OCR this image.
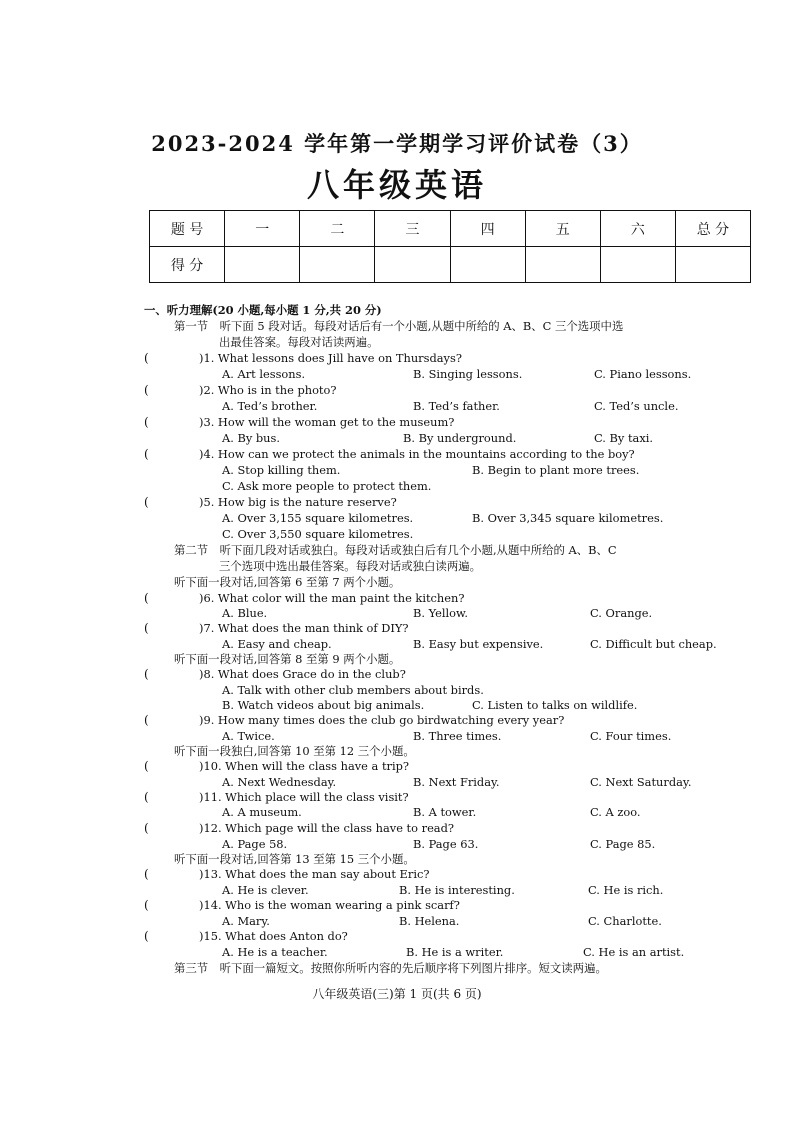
2023-2024 学年第一学期学习评价试卷（3）
八年级英语
题 号	一	二	三	四	五	六	总 分
得 分							
一、听力理解(20 小题,每小题 1 分,共 20 分)
第一节　听下面 5 段对话。每段对话后有一个小题,从题中所给的 A、B、C 三个选项中选
出最佳答案。每段对话读两遍。
(	)1. What lessons does Jill have on Thursdays?
A. Art lessons.	B. Singing lessons.	C. Piano lessons.
(	)2. Who is in the photo?
A. Ted’s brother.	B. Ted’s father.	C. Ted’s uncle.
(	)3. How will the woman get to the museum?
A. By bus.	B. By underground.	C. By taxi.
(	)4. How can we protect the animals in the mountains according to the boy?
A. Stop killing them.	B. Begin to plant more trees.
C. Ask more people to protect them.
(	)5. How big is the nature reserve?
A. Over 3,155 square kilometres.	B. Over 3,345 square kilometres.
C. Over 3,550 square kilometres.
第二节　听下面几段对话或独白。每段对话或独白后有几个小题,从题中所给的 A、B、C
三个选项中选出最佳答案。每段对话或独白读两遍。
听下面一段对话,回答第 6 至第 7 两个小题。
(	)6. What color will the man paint the kitchen?
A. Blue.	B. Yellow.	C. Orange.
(	)7. What does the man think of DIY?
A. Easy and cheap.	B. Easy but expensive.	C. Difficult but cheap.
听下面一段对话,回答第 8 至第 9 两个小题。
(	)8. What does Grace do in the club?
A. Talk with other club members about birds.
B. Watch videos about big animals.	C. Listen to talks on wildlife.
(	)9. How many times does the club go birdwatching every year?
A. Twice.	B. Three times.	C. Four times.
听下面一段独白,回答第 10 至第 12 三个小题。
(	)10. When will the class have a trip?
A. Next Wednesday.	B. Next Friday.	C. Next Saturday.
(	)11. Which place will the class visit?
A. A museum.	B. A tower.	C. A zoo.
(	)12. Which page will the class have to read?
A. Page 58.	B. Page 63.	C. Page 85.
听下面一段对话,回答第 13 至第 15 三个小题。
(	)13. What does the man say about Eric?
A. He is clever.	B. He is interesting.	C. He is rich.
(	)14. Who is the woman wearing a pink scarf?
A. Mary.	B. Helena.	C. Charlotte.
(	)15. What does Anton do?
A. He is a teacher.	B. He is a writer.	C. He is an artist.
第三节　听下面一篇短文。按照你所听内容的先后顺序将下列图片排序。短文读两遍。
八年级英语(三)第 1 页(共 6 页)
